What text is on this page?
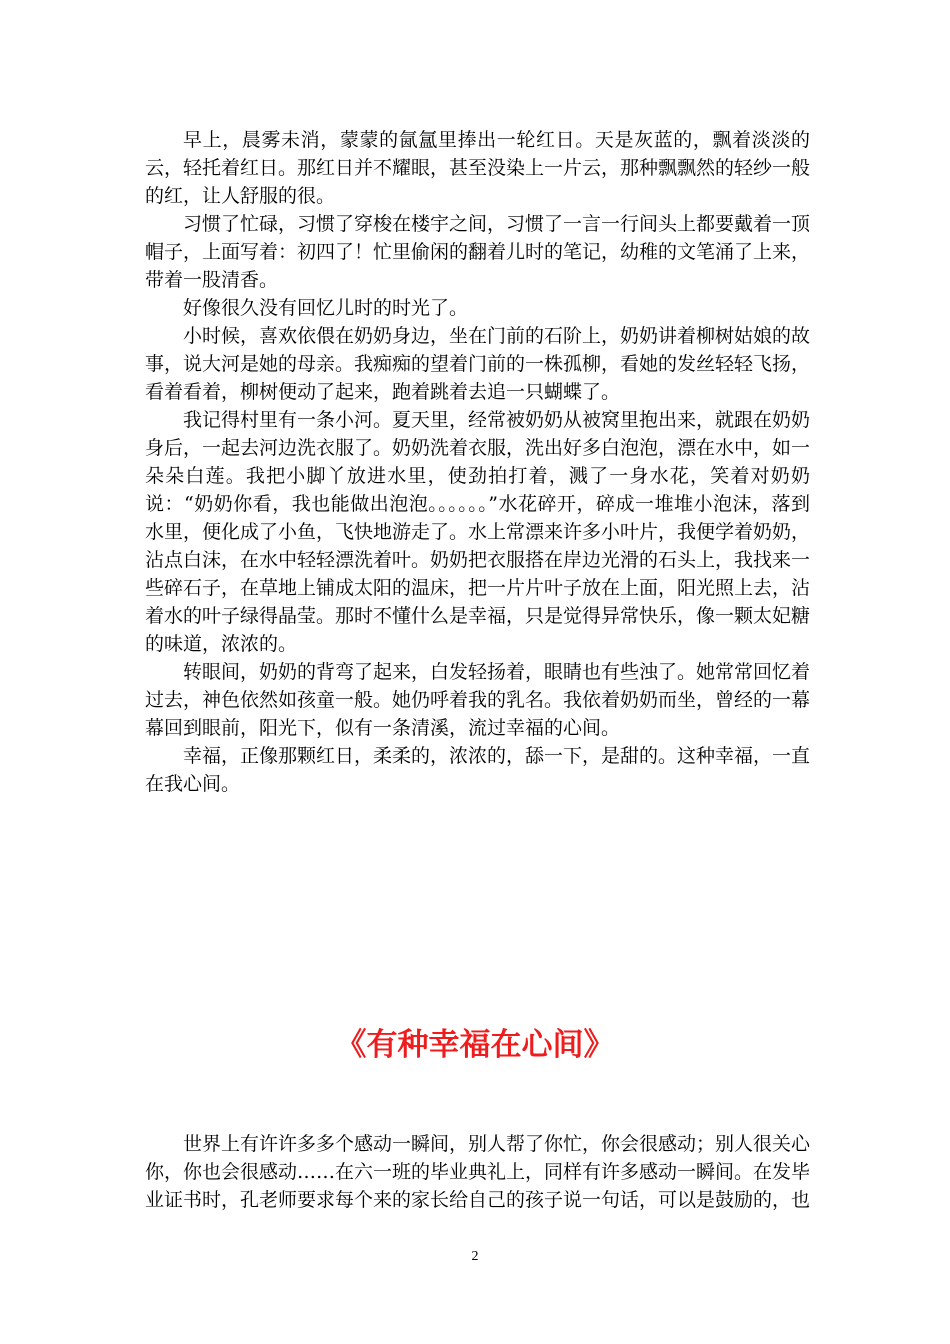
早上，晨雾未消，蒙蒙的氤氲里捧出一轮红日。天是灰蓝的，飘着淡淡的云，轻托着红日。那红日并不耀眼，甚至没染上一片云，那种飘飘然的轻纱一般的红，让人舒服的很。

习惯了忙碌，习惯了穿梭在楼宇之间，习惯了一言一行间头上都要戴着一顶帽子，上面写着：初四了！忙里偷闲的翻着儿时的笔记，幼稚的文笔涌了上来，带着一股清香。

好像很久没有回忆儿时的时光了。

小时候，喜欢依偎在奶奶身边，坐在门前的石阶上，奶奶讲着柳树姑娘的故事，说大河是她的母亲。我痴痴的望着门前的一株孤柳，看她的发丝轻轻飞扬，看着看着，柳树便动了起来，跑着跳着去追一只蝴蝶了。

我记得村里有一条小河。夏天里，经常被奶奶从被窝里抱出来，就跟在奶奶身后，一起去河边洗衣服了。奶奶洗着衣服，洗出好多白泡泡，漂在水中，如一朵朵白莲。我把小脚丫放进水里，使劲拍打着，溅了一身水花，笑着对奶奶说：“奶奶你看，我也能做出泡泡。。。。。。”水花碎开，碎成一堆堆小泡沫，落到水里，便化成了小鱼，飞快地游走了。水上常漂来许多小叶片，我便学着奶奶，沾点白沫，在水中轻轻漂洗着叶。奶奶把衣服搭在岸边光滑的石头上，我找来一些碎石子，在草地上铺成太阳的温床，把一片片叶子放在上面，阳光照上去，沾着水的叶子绿得晶莹。那时不懂什么是幸福，只是觉得异常快乐，像一颗太妃糖的味道，浓浓的。

转眼间，奶奶的背弯了起来，白发轻扬着，眼睛也有些浊了。她常常回忆着过去，神色依然如孩童一般。她仍呼着我的乳名。我依着奶奶而坐，曾经的一幕幕回到眼前，阳光下，似有一条清溪，流过幸福的心间。

幸福，正像那颗红日，柔柔的，浓浓的，舔一下，是甜的。这种幸福，一直在我心间。

《有种幸福在心间》

世界上有许许多多个感动一瞬间，别人帮了你忙，你会很感动；别人很关心你，你也会很感动……在六一班的毕业典礼上，同样有许多感动一瞬间。在发毕业证书时，孔老师要求每个来的家长给自己的孩子说一句话，可以是鼓励的，也

2
